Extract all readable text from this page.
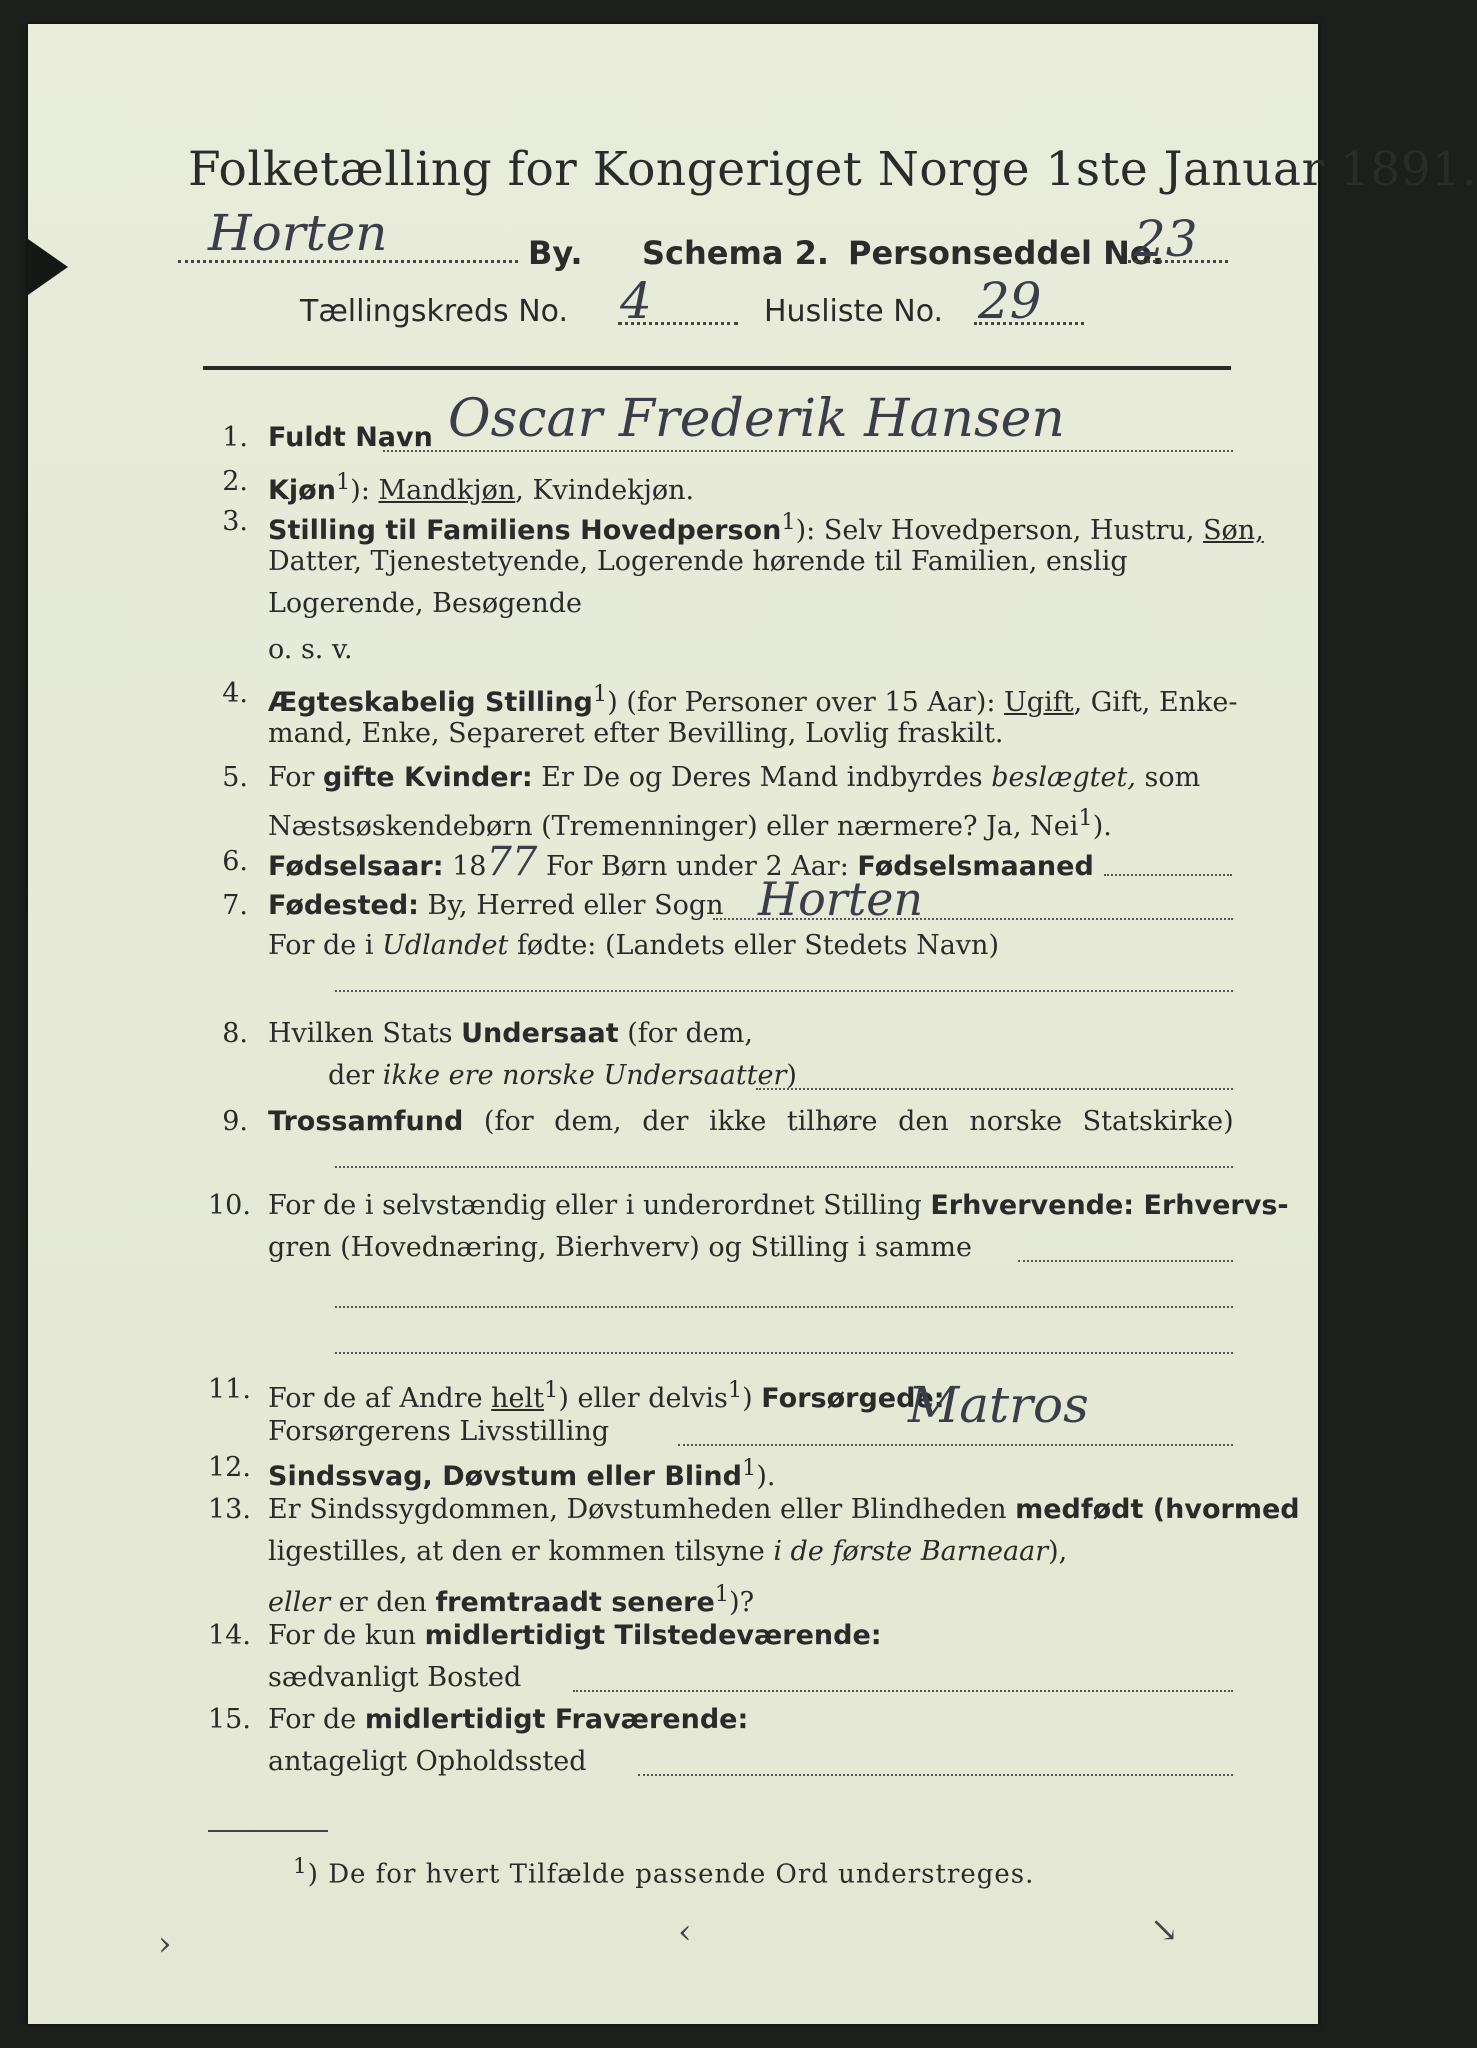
Folketælling for Kongeriget Norge 1ste Januar 1891.
Horten	By. Schema 2. Personseddel No.
23
Tællingskreds No. 4	Husliste No. 29
1. Fuldt Navn Oscar Frederik Hansen
2. Kjøn$^1$): Mandkjøn, Kvindekjøn.
3. Stilling til Familiens Hovedperson$^1$): Selv Hovedperson, Hustru, Søn,
Datter, Tjenestetyende, Logerende hørende til Familien, enslig
Logerende, Besøgende
o. s. v.
4. Ægteskabelig Stilling$^1$) (for Personer over 15 Aar): Ugift, Gift, Enke-
mand, Enke, Separeret efter Bevilling, Lovlig fraskilt.
5. For gifte Kvinder: Er De og Deres Mand indbyrdes beslægtet, som
Næstsøskendebørn (Tremenninger) eller nærmere? Ja, Nei$^1$).
6. Fødselsaar: 1877 For Børn under 2 Aar: Fødselsmaaned
7. Fødested: By, Herred eller Sogn Horten
For de i Udlandet fødte: (Landets eller Stedets Navn)
8. Hvilken Stats Undersaat (for dem,
der ikke ere norske Undersaatter)
9. Trossamfund (for dem, der ikke tilhøre den norske Statskirke)
10. For de i selvstændig eller i underordnet Stilling Erhvervende: Erhvervs-
gren (Hovednæring, Bierhverv) og Stilling i samme
11. For de af Andre helt$^1$) eller delvis$^1$) Forsørgede:
Forsørgerens Livsstilling	Matros
12. Sindssvag, Døvstum eller Blind$^1$).
13. Er Sindssygdommen, Døvstumheden eller Blindheden medfødt (hvormed
ligestilles, at den er kommen tilsyne i de første Barneaar),
eller er den fremtraadt senere$^1$)?
14. For de kun midlertidigt Tilstedeværende:
sædvanligt Bosted
15. For de midlertidigt Fraværende:
antageligt Opholdssted
$^1$) De for hvert Tilfælde passende Ord understreges.
›	‹	↘
